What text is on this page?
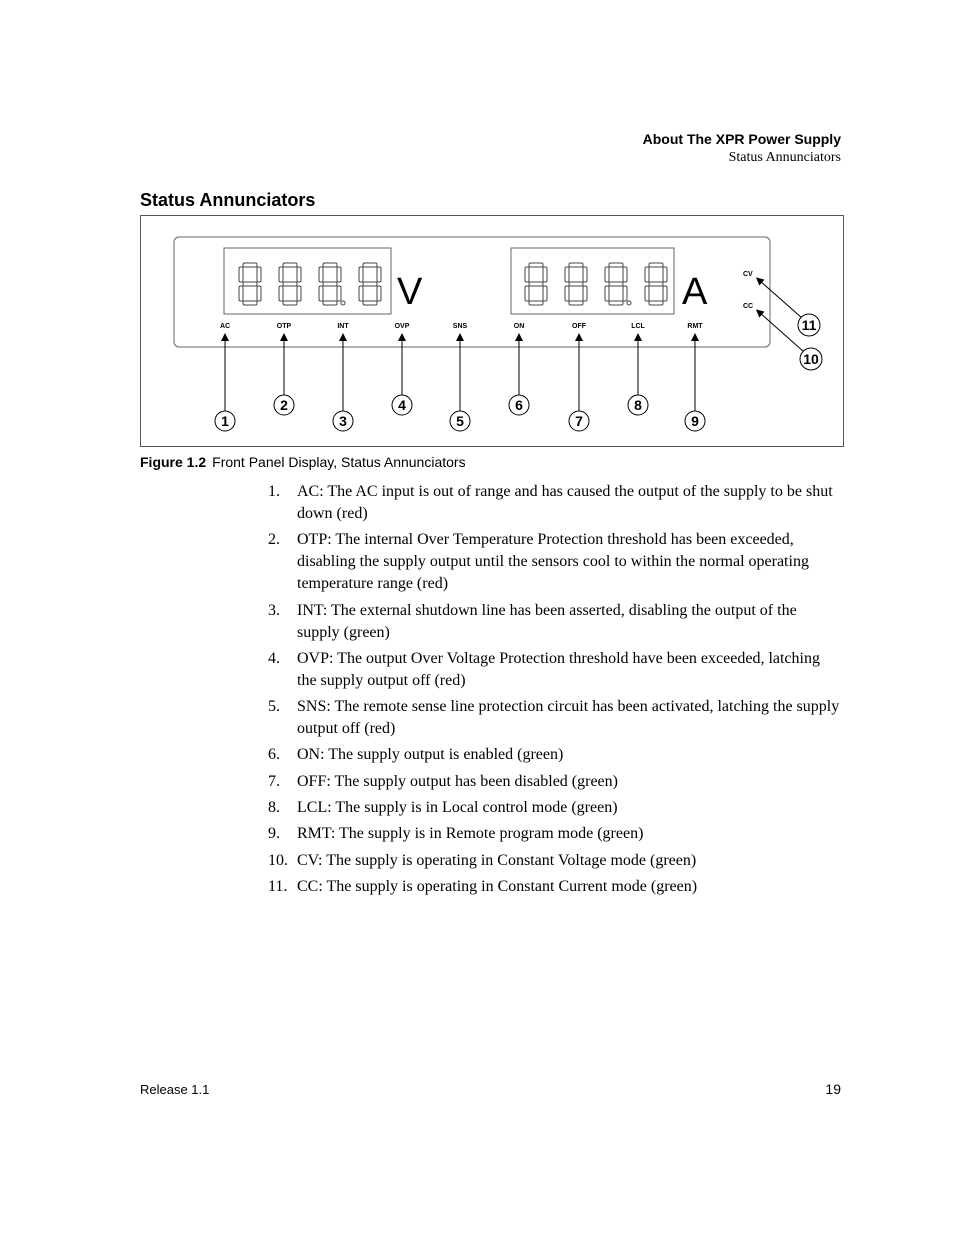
About The XPR Power Supply
Status Annunciators
Status Annunciators
V	A
AC	OTP	INT	OVP	SNS	ON	OFF	LCL	RMT
1
2
3
4
5
6
7
8
9
CV
11
CC
10
Figure 1.2 Front Panel Display, Status Annunciators
1. AC: The AC input is out of range and has caused the output of the supply to be shut down (red)
2. OTP: The internal Over Temperature Protection threshold has been exceeded, disabling the supply output until the sensors cool to within the normal operating temperature range (red)
3. INT: The external shutdown line has been asserted, disabling the output of the supply (green)
4. OVP: The output Over Voltage Protection threshold have been exceeded, latching the supply output off (red)
5. SNS: The remote sense line protection circuit has been activated, latching the supply output off (red)
6. ON: The supply output is enabled (green)
7. OFF: The supply output has been disabled (green)
8. LCL: The supply is in Local control mode (green)
9. RMT: The supply is in Remote program mode (green)
10. CV: The supply is operating in Constant Voltage mode (green)
11. CC: The supply is operating in Constant Current mode (green)
Release 1.1	19
